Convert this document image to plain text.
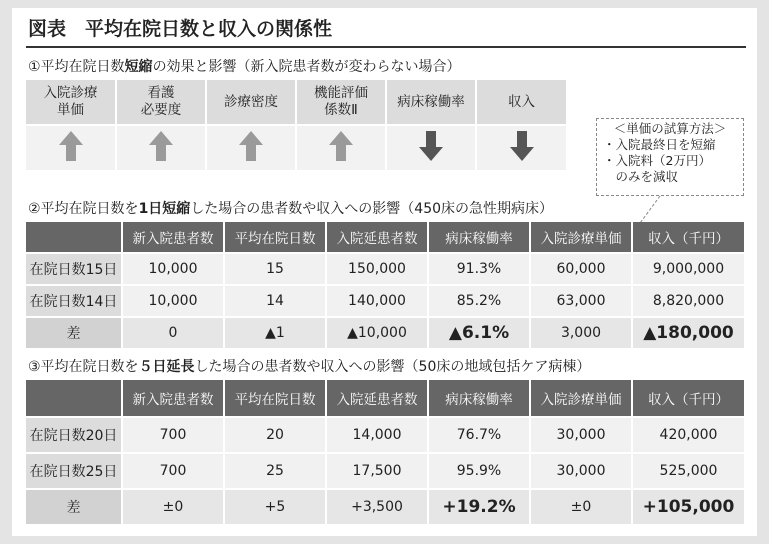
図表　平均在院日数と収入の関係性
①平均在院日数短縮の効果と影響（新入院患者数が変わらない場合）
入院診療
単価	看護
必要度	診療密度	機能評価
係数Ⅱ	病床稼働率	収入

＜単価の試算方法＞
・入院最終日を短縮
・入院料（2万円）
　のみを減収
②平均在院日数を1日短縮した場合の患者数や収入への影響（450床の急性期病床）
	新入院患者数	平均在院日数	入院延患者数	病床稼働率	入院診療単価	収入（千円）
在院日数15日	10,000	15	150,000	91.3%	60,000	9,000,000
在院日数14日	10,000	14	140,000	85.2%	63,000	8,820,000
差	0	▲1	▲10,000	▲6.1%	3,000	▲180,000
③平均在院日数を５日延長した場合の患者数や収入への影響（50床の地域包括ケア病棟）
	新入院患者数	平均在院日数	入院延患者数	病床稼働率	入院診療単価	収入（千円）
在院日数20日	700	20	14,000	76.7%	30,000	420,000
在院日数25日	700	25	17,500	95.9%	30,000	525,000
差	±0	+5	+3,500	+19.2%	±0	+105,000
